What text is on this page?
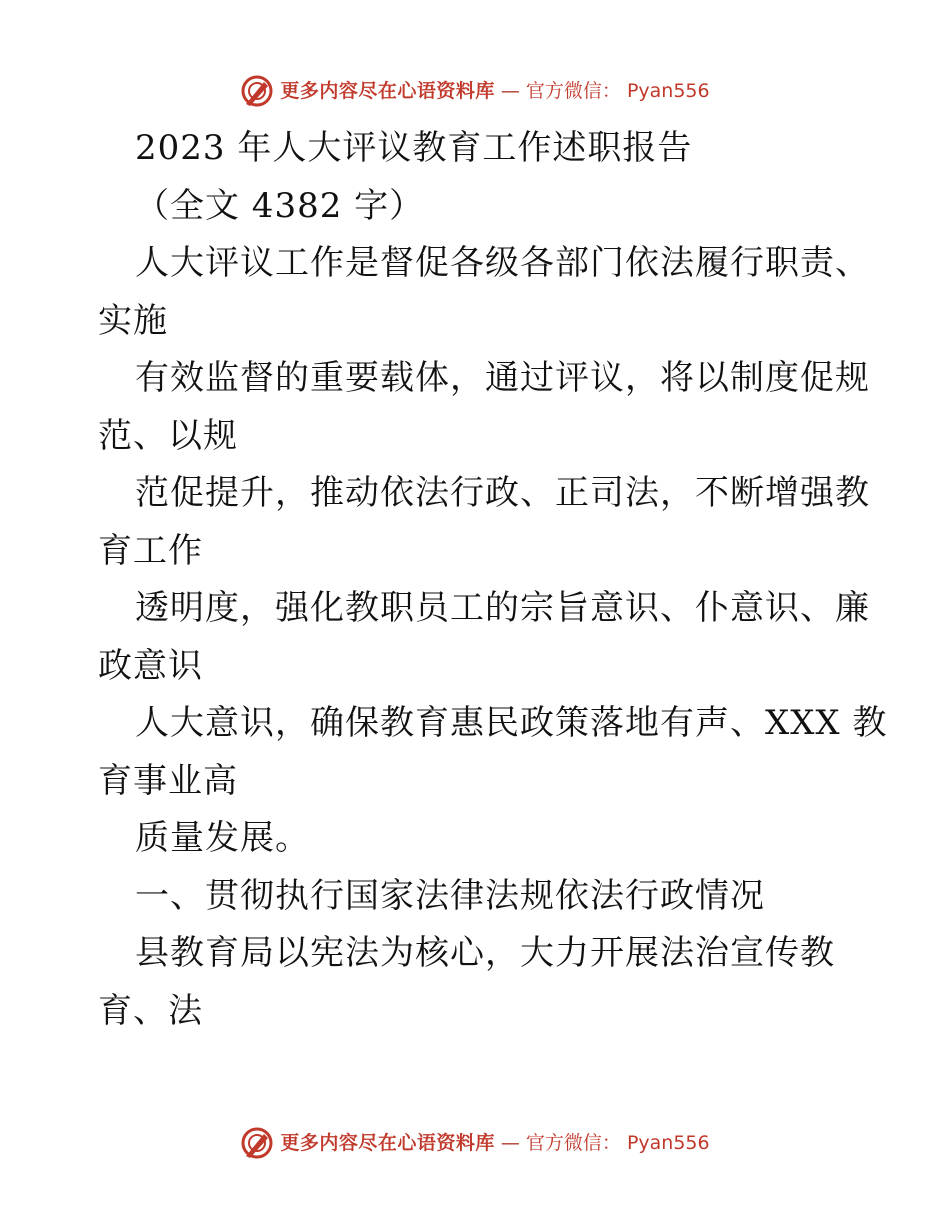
更多内容尽在心语资料库 — 官方微信： Pyan556
2023 年人大评议教育工作述职报告
（全文 4382 字）
人大评议工作是督促各级各部门依法履行职责、
实施
有效监督的重要载体，通过评议，将以制度促规
范、以规
范促提升，推动依法行政、正司法，不断增强教
育工作
透明度，强化教职员工的宗旨意识、仆意识、廉
政意识
人大意识，确保教育惠民政策落地有声、XXX 教
育事业高
质量发展。
一、贯彻执行国家法律法规依法行政情况
县教育局以宪法为核心，大力开展法治宣传教
育、法
更多内容尽在心语资料库 — 官方微信： Pyan556
